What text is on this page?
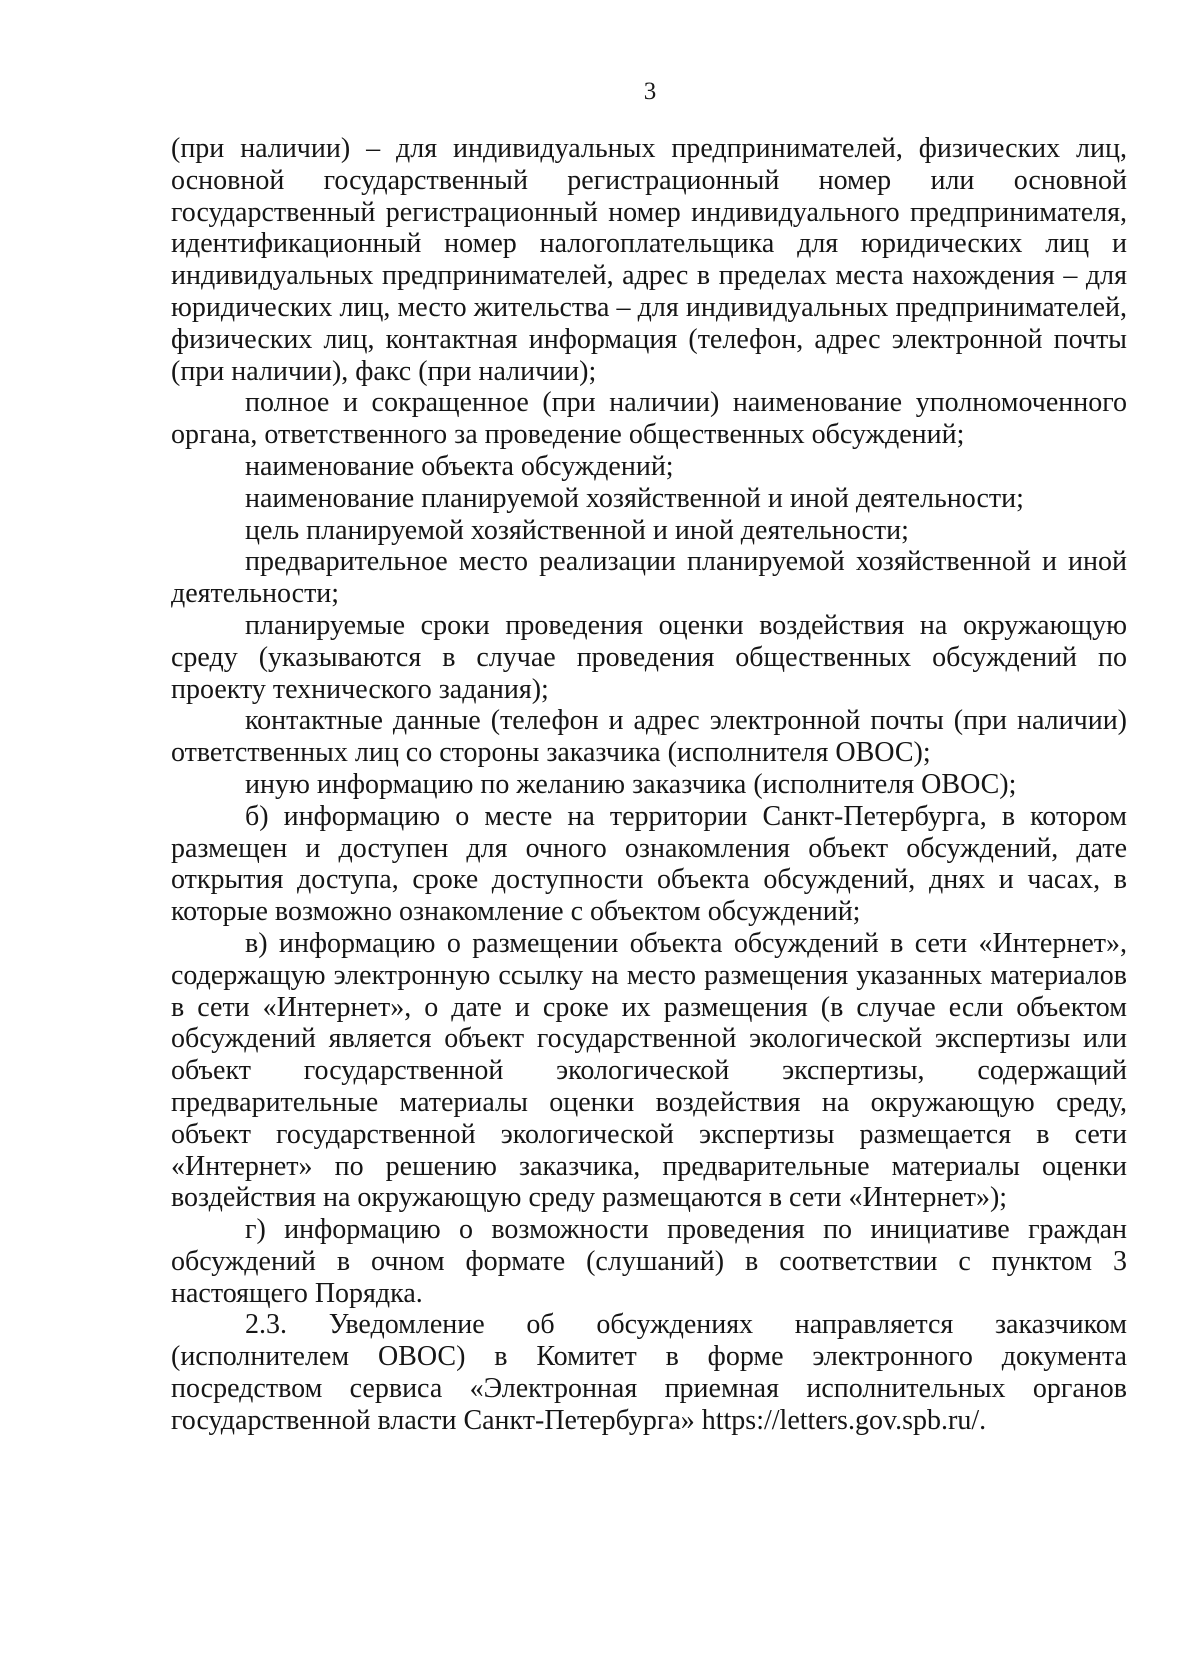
3

(при наличии) – для индивидуальных предпринимателей, физических лиц, основной государственный регистрационный номер или основной государственный регистрационный номер индивидуального предпринимателя, идентификационный номер налогоплательщика для юридических лиц и индивидуальных предпринимателей, адрес в пределах места нахождения – для юридических лиц, место жительства – для индивидуальных предпринимателей, физических лиц, контактная информация (телефон, адрес электронной почты (при наличии), факс (при наличии);

полное и сокращенное (при наличии) наименование уполномоченного органа, ответственного за проведение общественных обсуждений;

наименование объекта обсуждений;

наименование планируемой хозяйственной и иной деятельности;

цель планируемой хозяйственной и иной деятельности;

предварительное место реализации планируемой хозяйственной и иной деятельности;

планируемые сроки проведения оценки воздействия на окружающую среду (указываются в случае проведения общественных обсуждений по проекту технического задания);

контактные данные (телефон и адрес электронной почты (при наличии) ответственных лиц со стороны заказчика (исполнителя ОВОС);

иную информацию по желанию заказчика (исполнителя ОВОС);

б) информацию о месте на территории Санкт-Петербурга, в котором размещен и доступен для очного ознакомления объект обсуждений, дате открытия доступа, сроке доступности объекта обсуждений, днях и часах, в которые возможно ознакомление с объектом обсуждений;

в) информацию о размещении объекта обсуждений в сети «Интернет», содержащую электронную ссылку на место размещения указанных материалов в сети «Интернет», о дате и сроке их размещения (в случае если объектом обсуждений является объект государственной экологической экспертизы или объект государственной экологической экспертизы, содержащий предварительные материалы оценки воздействия на окружающую среду, объект государственной экологической экспертизы размещается в сети «Интернет» по решению заказчика, предварительные материалы оценки воздействия на окружающую среду размещаются в сети «Интернет»);

г) информацию о возможности проведения по инициативе граждан обсуждений в очном формате (слушаний) в соответствии с пунктом 3 настоящего Порядка.

2.3. Уведомление об обсуждениях направляется заказчиком (исполнителем ОВОС) в Комитет в форме электронного документа посредством сервиса «Электронная приемная исполнительных органов государственной власти Санкт-Петербурга» https://letters.gov.spb.ru/.
